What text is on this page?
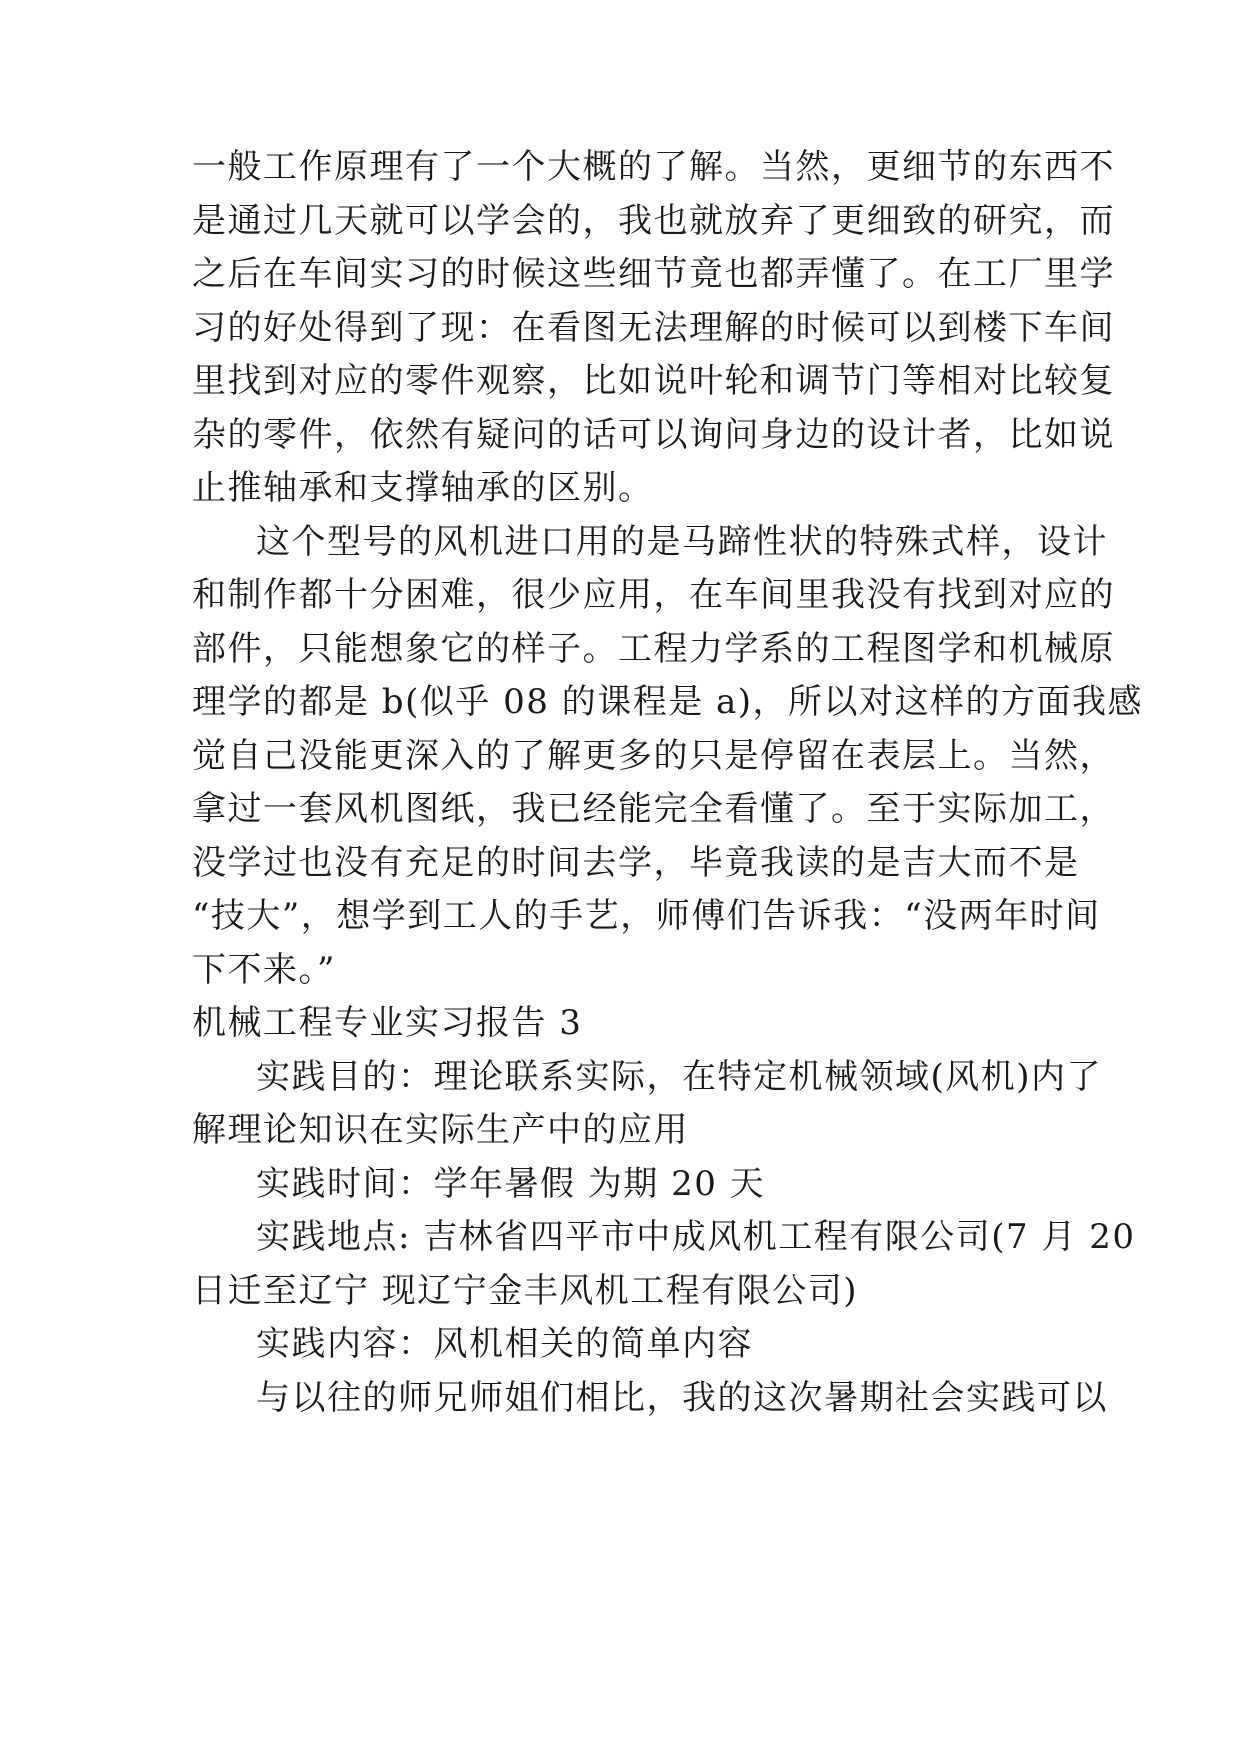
一般工作原理有了一个大概的了解。当然，更细节的东西不
是通过几天就可以学会的，我也就放弃了更细致的研究，而
之后在车间实习的时候这些细节竟也都弄懂了。在工厂里学
习的好处得到了现：在看图无法理解的时候可以到楼下车间
里找到对应的零件观察，比如说叶轮和调节门等相对比较复
杂的零件，依然有疑问的话可以询问身边的设计者，比如说
止推轴承和支撑轴承的区别。
这个型号的风机进口用的是马蹄性状的特殊式样，设计
和制作都十分困难，很少应用，在车间里我没有找到对应的
部件，只能想象它的样子。工程力学系的工程图学和机械原
理学的都是 b(似乎 08 的课程是 a)，所以对这样的方面我感
觉自己没能更深入的了解更多的只是停留在表层上。当然，
拿过一套风机图纸，我已经能完全看懂了。至于实际加工，
没学过也没有充足的时间去学，毕竟我读的是吉大而不是
“技大”，想学到工人的手艺，师傅们告诉我：“没两年时间
下不来。”
机械工程专业实习报告 3
实践目的：理论联系实际，在特定机械领域(风机)内了
解理论知识在实际生产中的应用
实践时间：学年暑假 为期 20 天
实践地点: 吉林省四平市中成风机工程有限公司(7 月 20
日迁至辽宁 现辽宁金丰风机工程有限公司)
实践内容：风机相关的简单内容
与以往的师兄师姐们相比，我的这次暑期社会实践可以
